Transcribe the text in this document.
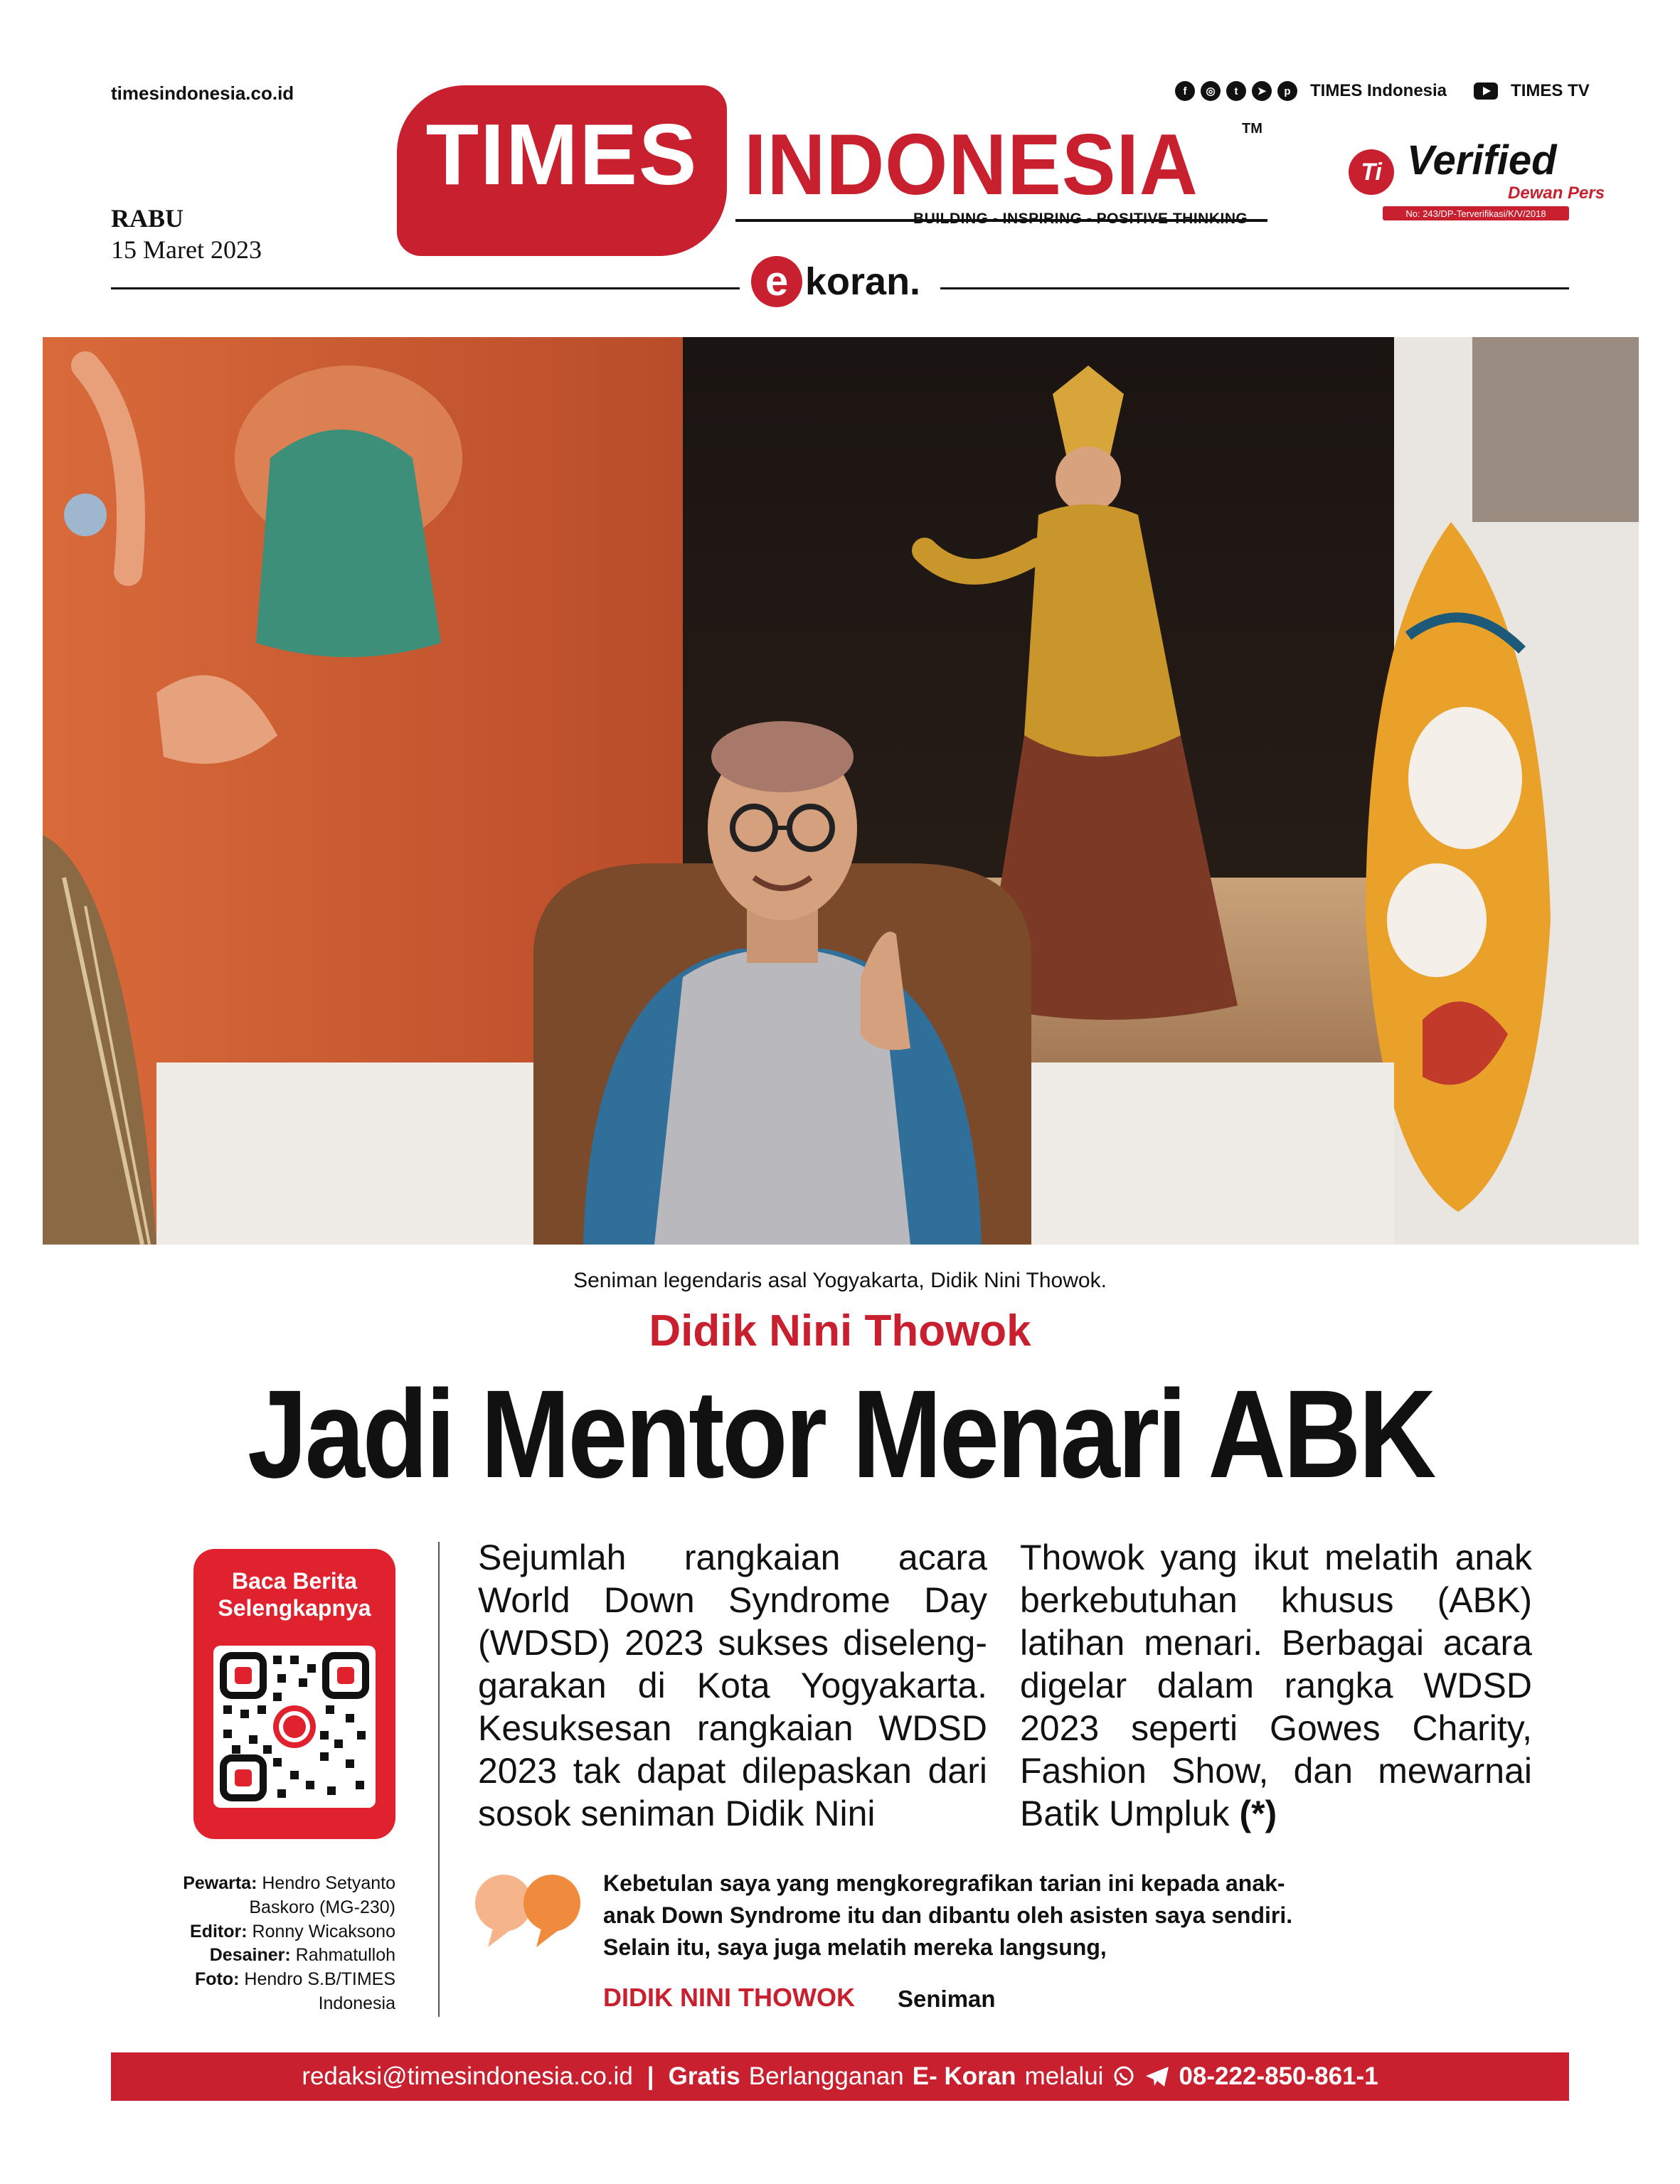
timesindonesia.co.id
RABU
15 Maret 2023
f	◎	t	➤	p	TIMES Indonesia	TIMES TV
TIMES INDONESIA	TM
BUILDING - INSPIRING - POSITIVE THINKING
Ti Verified
Dewan Pers
No: 243/DP-Terverifikasi/K/V/2018
e koran.
Seniman legendaris asal Yogyakarta, Didik Nini Thowok.
Didik Nini Thowok
Jadi Mentor Menari ABK
Baca Berita
Selengkapnya
Pewarta: Hendro Setyanto Baskoro (MG-230)
Editor: Ronny Wicaksono
Desainer: Rahmatulloh
Foto: Hendro S.B/TIMES Indonesia
Sejumlah rangkaian acara World Down Syndrome Day (WDSD) 2023 sukses diseleng-garakan di Kota Yogyakarta. Kesuksesan rangkaian WDSD 2023 tak dapat dilepaskan dari sosok seniman Didik Nini
Thowok yang ikut melatih anak berkebutuhan khusus (ABK) latihan menari. Berbagai acara digelar dalam rangka WDSD 2023 seperti Gowes Charity, Fashion Show, dan mewarnai Batik Umpluk (*)
Kebetulan saya yang mengkoregrafikan tarian ini kepada anak-
anak Down Syndrome itu dan dibantu oleh asisten saya sendiri.
Selain itu, saya juga melatih mereka langsung,
DIDIK NINI THOWOK Seniman
redaksi@timesindonesia.co.id | Gratis Berlangganan E- Koran melalui	08-222-850-861-1
